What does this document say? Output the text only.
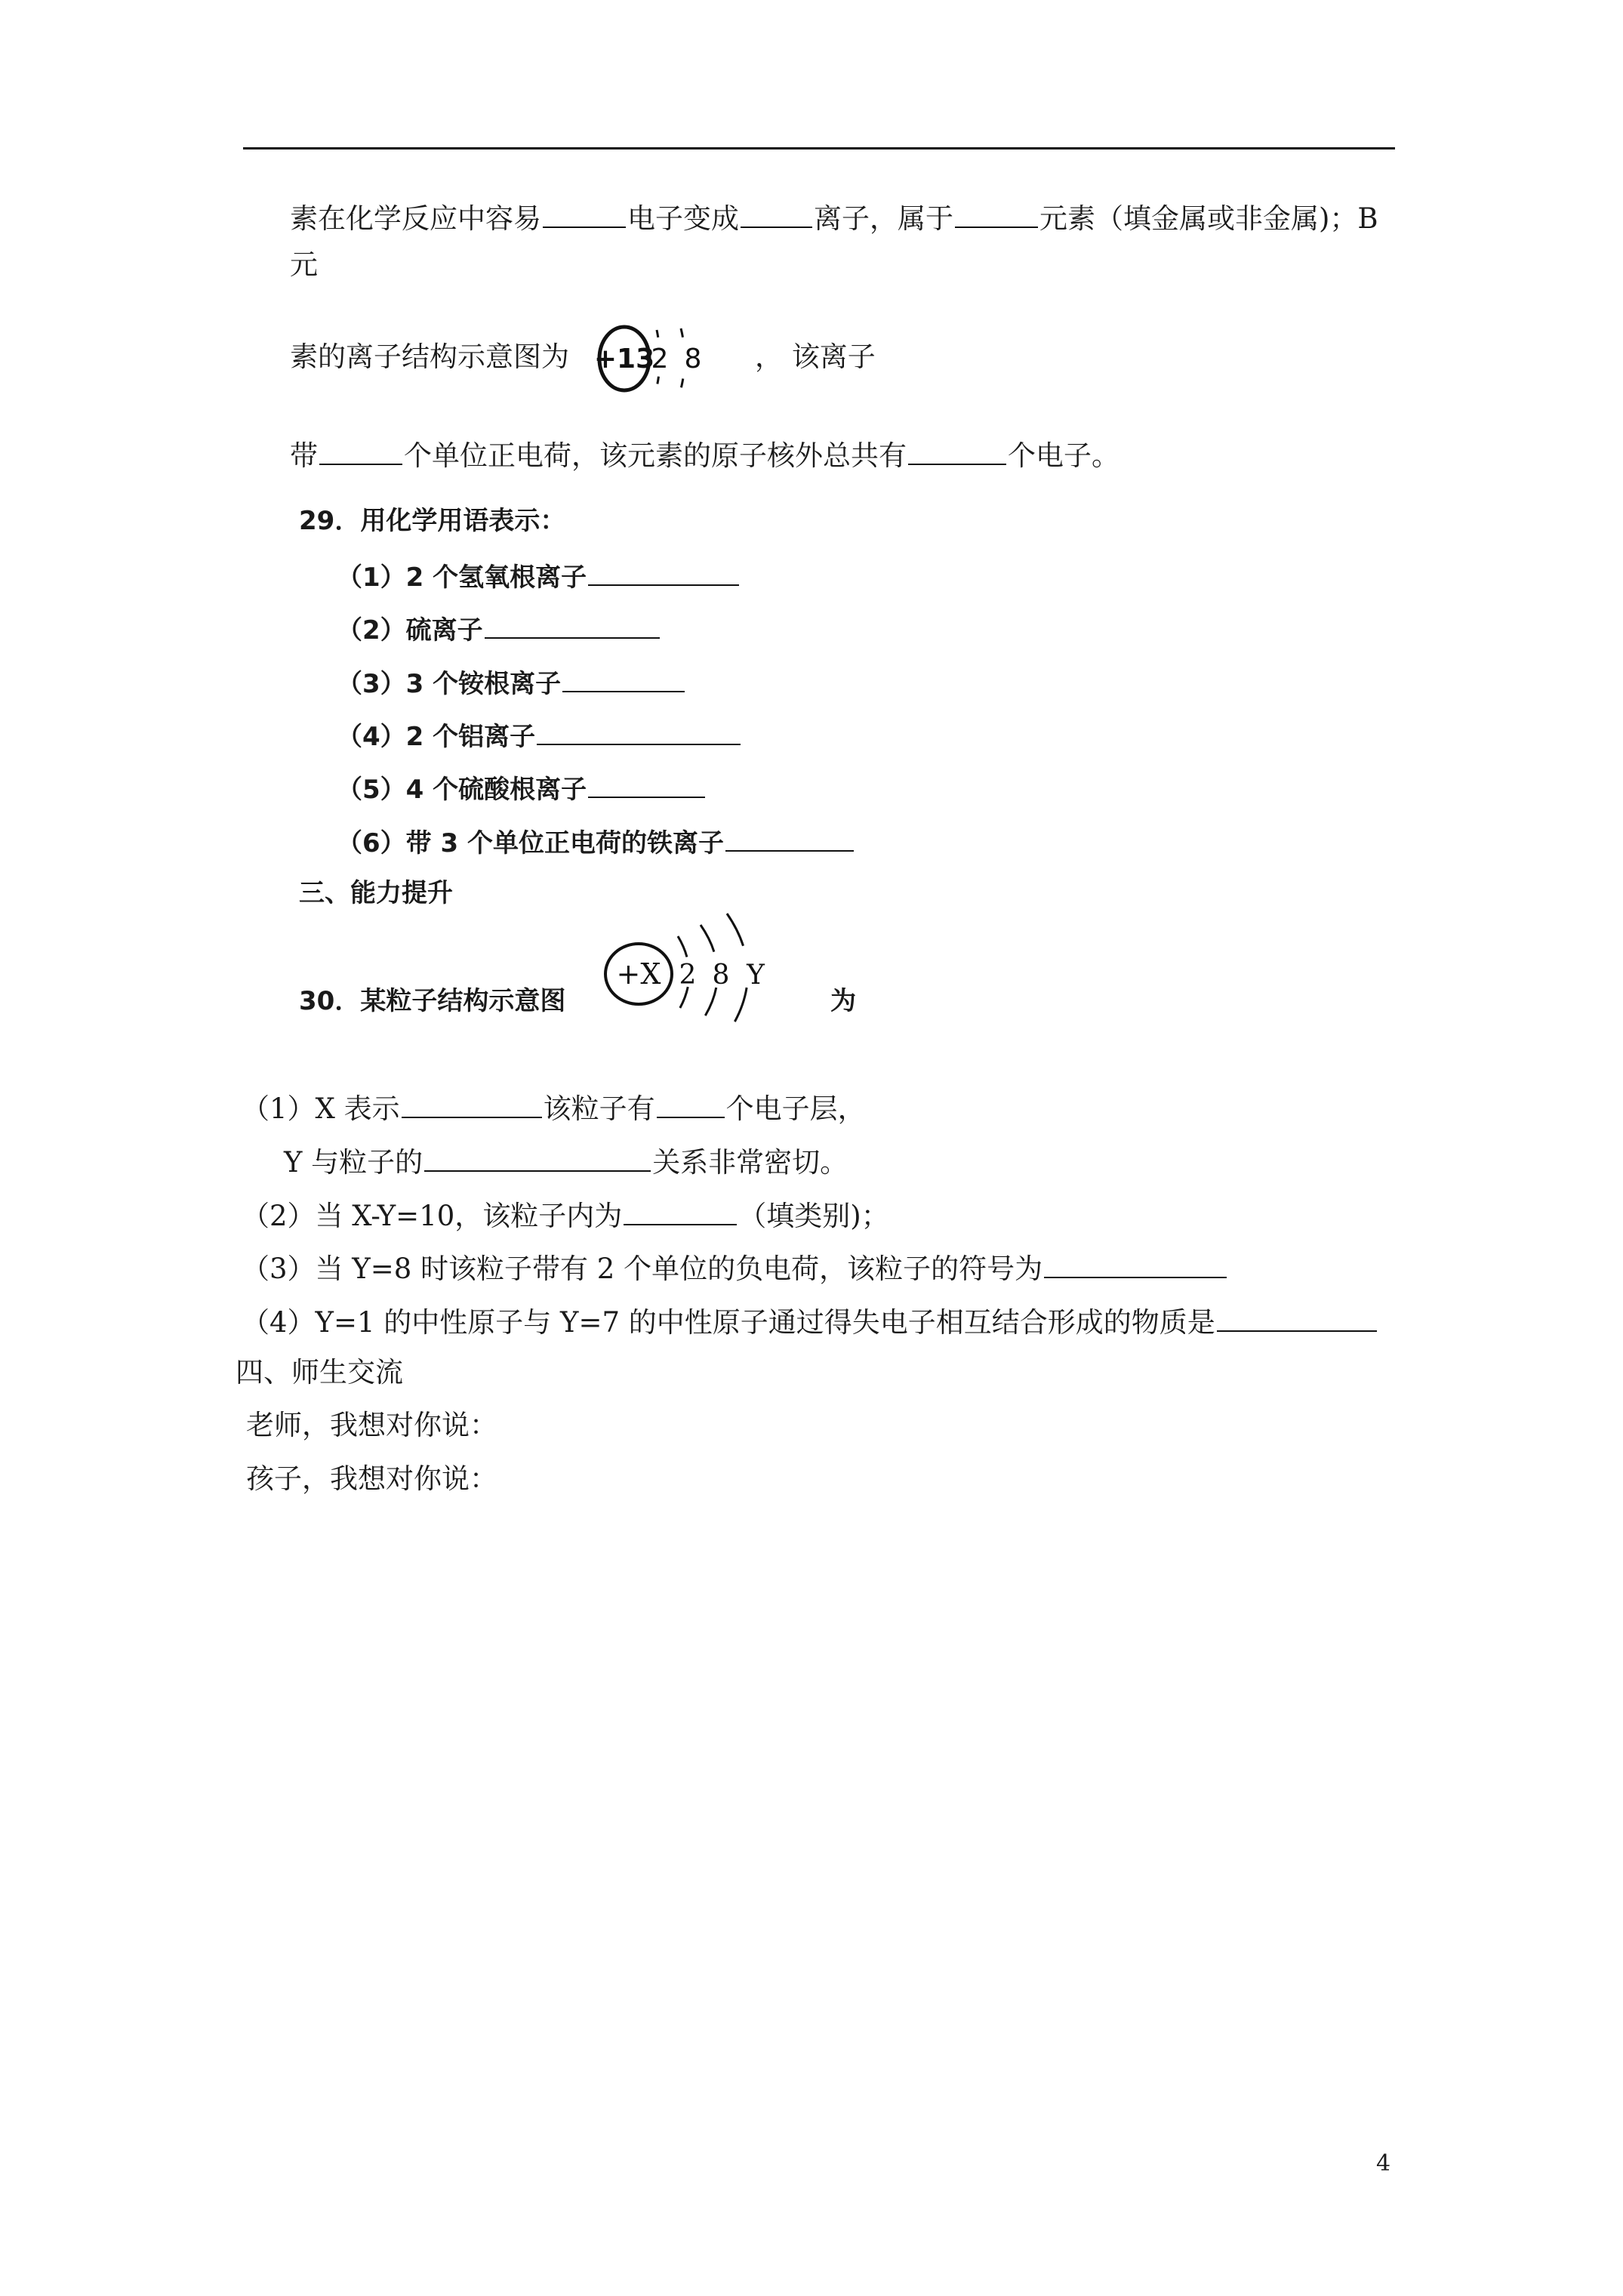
素在化学反应中容易	电子变成	离子，属于	元素（填金属或非金属)；B
元
素的离子结构示意图为 +13
2 8 ， 该离子
带	个单位正电荷，该元素的原子核外总共有	个电子。
29．用化学用语表示：
（1）2 个氢氧根离子
（2）硫离子
（3）3 个铵根离子
（4）2 个铝离子
（5）4 个硫酸根离子
（6）带 3 个单位正电荷的铁离子
三、能力提升
30．某粒子结构示意图
+X 2 8 Y
为
（1）X 表示	该粒子有	个电子层，
Y 与粒子的	关系非常密切。
（2）当 X-Y=10，该粒子内为	（填类别)；
（3）当 Y=8 时该粒子带有 2 个单位的负电荷，该粒子的符号为
（4）Y=1 的中性原子与 Y=7 的中性原子通过得失电子相互结合形成的物质是
四、师生交流
老师，我想对你说：
孩子，我想对你说：
4
